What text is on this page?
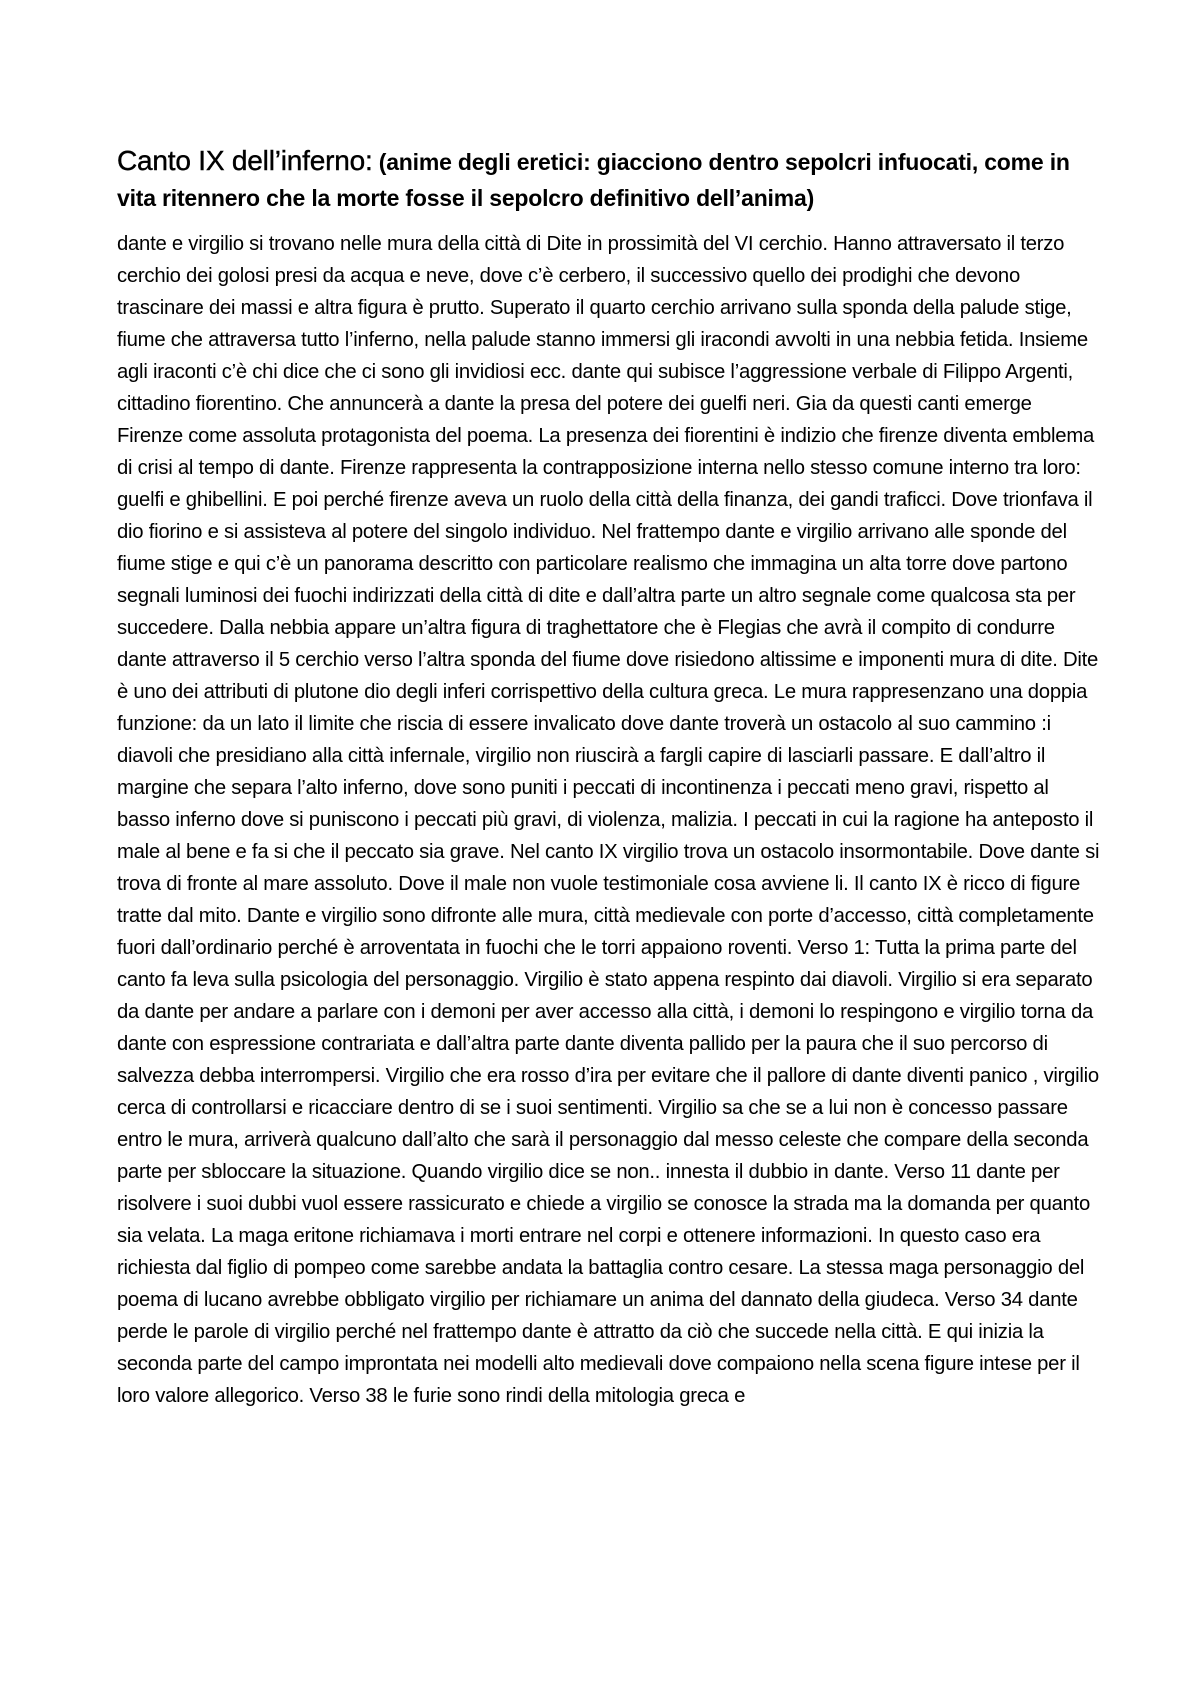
Canto IX dell’inferno: (anime degli eretici: giacciono dentro sepolcri infuocati, come in vita ritennero che la morte fosse il sepolcro definitivo dell’anima)

dante e virgilio si trovano nelle mura della città di Dite in prossimità del VI cerchio. Hanno attraversato il terzo cerchio dei golosi presi da acqua e neve, dove c’è cerbero, il successivo quello dei prodighi che devono trascinare dei massi e altra figura è prutto. Superato il quarto cerchio arrivano sulla sponda della palude stige, fiume che attraversa tutto l’inferno, nella palude stanno immersi gli iracondi avvolti in una nebbia fetida. Insieme agli iraconti c’è chi dice che ci sono gli invidiosi ecc. dante qui subisce l’aggressione verbale di Filippo Argenti, cittadino fiorentino. Che annuncerà a dante la presa del potere dei guelfi neri. Gia da questi canti emerge Firenze come assoluta protagonista del poema. La presenza dei fiorentini è indizio che firenze diventa emblema di crisi al tempo di dante. Firenze rappresenta la contrapposizione interna nello stesso comune interno tra loro: guelfi e ghibellini. E poi perché firenze aveva un ruolo della città della finanza, dei gandi traficci. Dove trionfava il dio fiorino e si assisteva al potere del singolo individuo. Nel frattempo dante e virgilio arrivano alle sponde del fiume stige e qui c’è un panorama descritto con particolare realismo che immagina un alta torre dove partono segnali luminosi dei fuochi indirizzati della città di dite e dall’altra parte un altro segnale come qualcosa sta per succedere. Dalla nebbia appare un’altra figura di traghettatore che è Flegias che avrà il compito di condurre dante attraverso il 5 cerchio verso l’altra sponda del fiume dove risiedono altissime e imponenti mura di dite. Dite è uno dei attributi di plutone dio degli inferi corrispettivo della cultura greca. Le mura rappresenzano una doppia funzione: da un lato il limite che riscia di essere invalicato dove dante troverà un ostacolo al suo cammino :i diavoli che presidiano alla città infernale, virgilio non riuscirà a fargli capire di lasciarli passare. E dall’altro il margine che separa l’alto inferno, dove sono puniti i peccati di incontinenza i peccati meno gravi, rispetto al basso inferno dove si puniscono i peccati più gravi, di violenza, malizia. I peccati in cui la ragione ha anteposto il male al bene e fa si che il peccato sia grave. Nel canto IX virgilio trova un ostacolo insormontabile. Dove dante si trova di fronte al mare assoluto. Dove il male non vuole testimoniale cosa avviene li. Il canto IX è ricco di figure tratte dal mito. Dante e virgilio sono difronte alle mura, città medievale con porte d’accesso, città completamente fuori dall’ordinario perché è arroventata in fuochi che le torri appaiono roventi. Verso 1: Tutta la prima parte del canto fa leva sulla psicologia del personaggio. Virgilio è stato appena respinto dai diavoli. Virgilio si era separato da dante per andare a parlare con i demoni per aver accesso alla città, i demoni lo respingono e virgilio torna da dante con espressione contrariata e dall’altra parte dante diventa pallido per la paura che il suo percorso di salvezza debba interrompersi. Virgilio che era rosso d’ira per evitare che il pallore di dante diventi panico , virgilio cerca di controllarsi e ricacciare dentro di se i suoi sentimenti. Virgilio sa che se a lui non è concesso passare entro le mura, arriverà qualcuno dall’alto che sarà il personaggio dal messo celeste che compare della seconda parte per sbloccare la situazione. Quando virgilio dice se non.. innesta il dubbio in dante. Verso 11 dante per risolvere i suoi dubbi vuol essere rassicurato e chiede a virgilio se conosce la strada ma la domanda per quanto sia velata. La maga eritone richiamava i morti entrare nel corpi e ottenere informazioni. In questo caso era richiesta dal figlio di pompeo come sarebbe andata la battaglia contro cesare. La stessa maga personaggio del poema di lucano avrebbe obbligato virgilio per richiamare un anima del dannato della giudeca. Verso 34 dante perde le parole di virgilio perché nel frattempo dante è attratto da ciò che succede nella città. E qui inizia la seconda parte del campo improntata nei modelli alto medievali dove compaiono nella scena figure intese per il loro valore allegorico. Verso 38 le furie sono rindi della mitologia greca e
